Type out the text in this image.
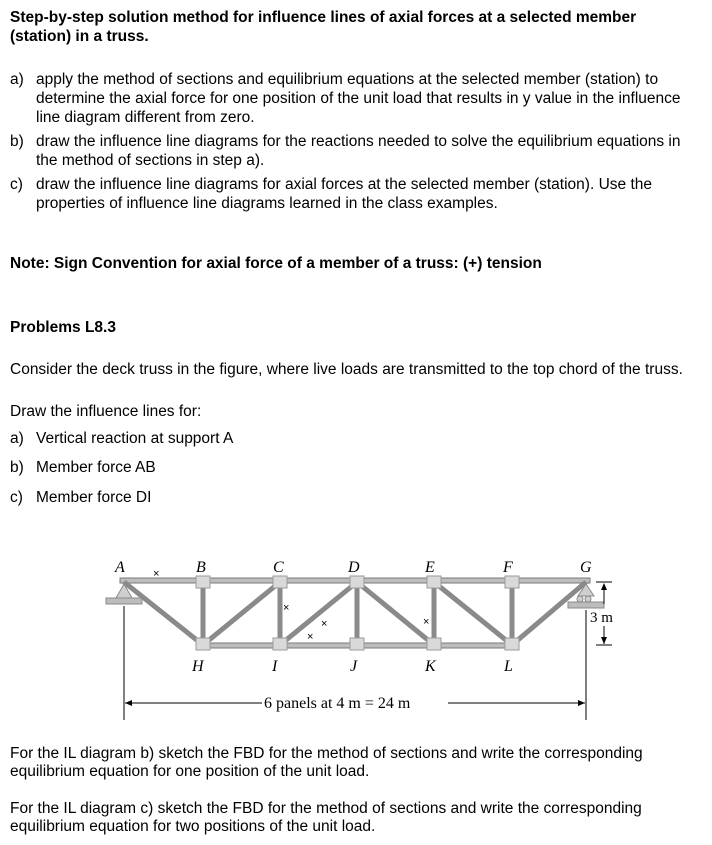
Step-by-step solution method for influence lines of axial forces at a selected member (station) in a truss.
a) apply the method of sections and equilibrium equations at the selected member (station) to determine the axial force for one position of the unit load that results in y value in the influence line diagram different from zero.
b) draw the influence line diagrams for the reactions needed to solve the equilibrium equations in the method of sections in step a).
c) draw the influence line diagrams for axial forces at the selected member (station). Use the properties of influence line diagrams learned in the class examples.
Note: Sign Convention for axial force of a member of a truss: (+) tension
Problems L8.3
Consider the deck truss in the figure, where live loads are transmitted to the top chord of the truss.
Draw the influence lines for:
a) Vertical reaction at support A
b) Member force AB
c) Member force DI
A	B	C	D	E	F	G
H	I	J	K	L
×
×
×
×	×	3 m
6 panels at 4 m = 24 m
For the IL diagram b) sketch the FBD for the method of sections and write the corresponding equilibrium equation for one position of the unit load.
For the IL diagram c) sketch the FBD for the method of sections and write the corresponding equilibrium equation for two positions of the unit load.
